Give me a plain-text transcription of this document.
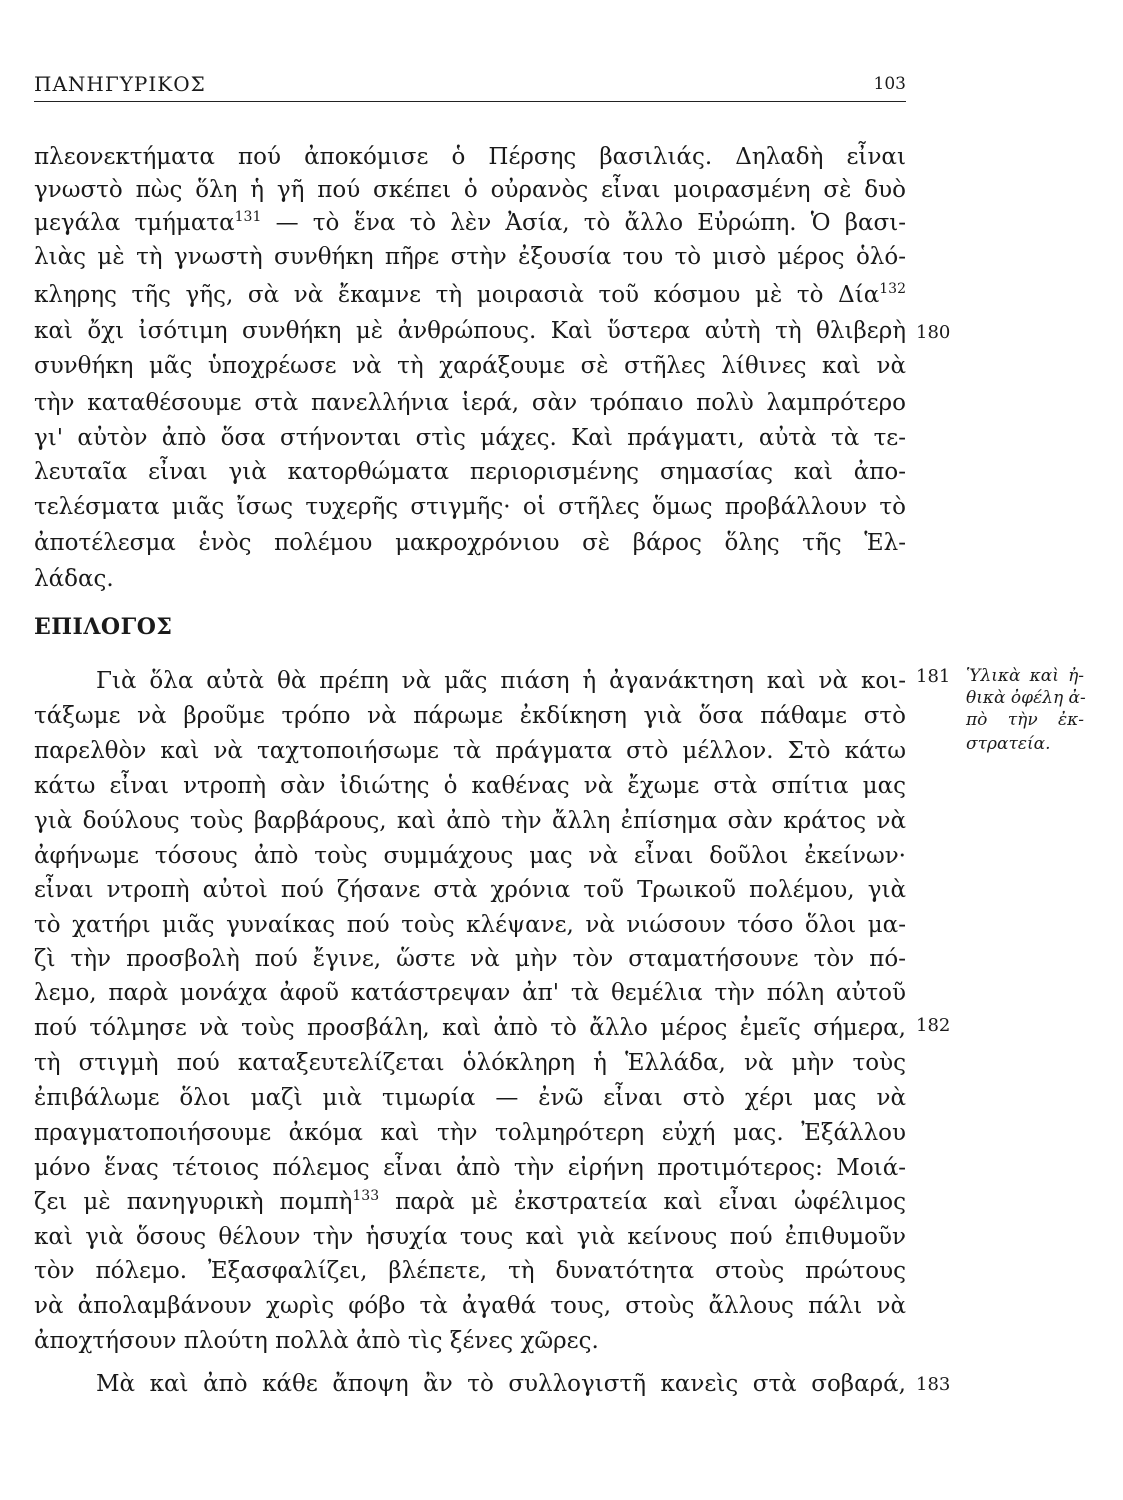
ΠΑΝΗΓΥΡΙΚΟΣ	103
πλεονεκτήματα πού ἀποκόμισε ὁ Πέρσης βασιλιάς. Δηλαδὴ εἶναι
γνωστὸ πὼς ὅλη ἡ γῆ πού σκέπει ὁ οὐρανὸς εἶναι μοιρασμένη σὲ δυὸ
μεγάλα τμήματα$^{131}$ — τὸ ἕνα τὸ λὲν Ἀσία, τὸ ἄλλο Εὐρώπη. Ὁ βασι-
λιὰς μὲ τὴ γνωστὴ συνθήκη πῆρε στὴν ἐξουσία του τὸ μισὸ μέρος ὁλό-
κληρης τῆς γῆς, σὰ νὰ ἔκαμνε τὴ μοιρασιὰ τοῦ κόσμου μὲ τὸ Δία$^{132}$
καὶ ὄχι ἰσότιμη συνθήκη μὲ ἀνθρώπους. Καὶ ὕστερα αὐτὴ τὴ θλιβερὴ
συνθήκη μᾶς ὑποχρέωσε νὰ τὴ χαράξουμε σὲ στῆλες λίθινες καὶ νὰ
τὴν καταθέσουμε στὰ πανελλήνια ἱερά, σὰν τρόπαιο πολὺ λαμπρότερο
γι' αὐτὸν ἀπὸ ὅσα στήνονται στὶς μάχες. Καὶ πράγματι, αὐτὰ τὰ τε-
λευταῖα εἶναι γιὰ κατορθώματα περιορισμένης σημασίας καὶ ἀπο-
τελέσματα μιᾶς ἴσως τυχερῆς στιγμῆς· οἱ στῆλες ὅμως προβάλλουν τὸ
ἀποτέλεσμα ἑνὸς πολέμου μακροχρόνιου σὲ βάρος ὅλης τῆς Ἑλ-
λάδας.
180
ΕΠΙΛΟΓΟΣ
Γιὰ ὅλα αὐτὰ θὰ πρέπη νὰ μᾶς πιάση ἡ ἀγανάκτηση καὶ νὰ κοι-
τάξωμε νὰ βροῦμε τρόπο νὰ πάρωμε ἐκδίκηση γιὰ ὅσα πάθαμε στὸ
παρελθὸν καὶ νὰ ταχτοποιήσωμε τὰ πράγματα στὸ μέλλον. Στὸ κάτω
κάτω εἶναι ντροπὴ σὰν ἰδιώτης ὁ καθένας νὰ ἔχωμε στὰ σπίτια μας
γιὰ δούλους τοὺς βαρβάρους, καὶ ἀπὸ τὴν ἄλλη ἐπίσημα σὰν κράτος νὰ
ἀφήνωμε τόσους ἀπὸ τοὺς συμμάχους μας νὰ εἶναι δοῦλοι ἐκείνων·
εἶναι ντροπὴ αὐτοὶ πού ζήσανε στὰ χρόνια τοῦ Τρωικοῦ πολέμου, γιὰ
τὸ χατήρι μιᾶς γυναίκας πού τοὺς κλέψανε, νὰ νιώσουν τόσο ὅλοι μα-
ζὶ τὴν προσβολὴ πού ἔγινε, ὥστε νὰ μὴν τὸν σταματήσουνε τὸν πό-
λεμο, παρὰ μονάχα ἀφοῦ κατάστρεψαν ἀπ' τὰ θεμέλια τὴν πόλη αὐτοῦ
πού τόλμησε νὰ τοὺς προσβάλη, καὶ ἀπὸ τὸ ἄλλο μέρος ἐμεῖς σήμερα,
τὴ στιγμὴ πού καταξευτελίζεται ὁλόκληρη ἡ Ἑλλάδα, νὰ μὴν τοὺς
ἐπιβάλωμε ὅλοι μαζὶ μιὰ τιμωρία — ἐνῶ εἶναι στὸ χέρι μας νὰ
πραγματοποιήσουμε ἀκόμα καὶ τὴν τολμηρότερη εὐχή μας. Ἐξάλλου
μόνο ἕνας τέτοιος πόλεμος εἶναι ἀπὸ τὴν εἰρήνη προτιμότερος: Μοιά-
ζει μὲ πανηγυρικὴ πομπὴ$^{133}$ παρὰ μὲ ἐκστρατεία καὶ εἶναι ὠφέλιμος
καὶ γιὰ ὅσους θέλουν τὴν ἡσυχία τους καὶ γιὰ κείνους πού ἐπιθυμοῦν
τὸν πόλεμο. Ἐξασφαλίζει, βλέπετε, τὴ δυνατότητα στοὺς πρώτους
νὰ ἀπολαμβάνουν χωρὶς φόβο τὰ ἀγαθά τους, στοὺς ἄλλους πάλι νὰ
ἀποχτήσουν πλούτη πολλὰ ἀπὸ τὶς ξένες χῶρες.
Μὰ καὶ ἀπὸ κάθε ἄποψη ἂν τὸ συλλογιστῆ κανεὶς στὰ σοβαρά,
181
182
183
Ὑλικὰ καὶ ἠ-
θικὰ ὀφέλη ἀ-
πὸ τὴν ἐκ-
στρατεία.
